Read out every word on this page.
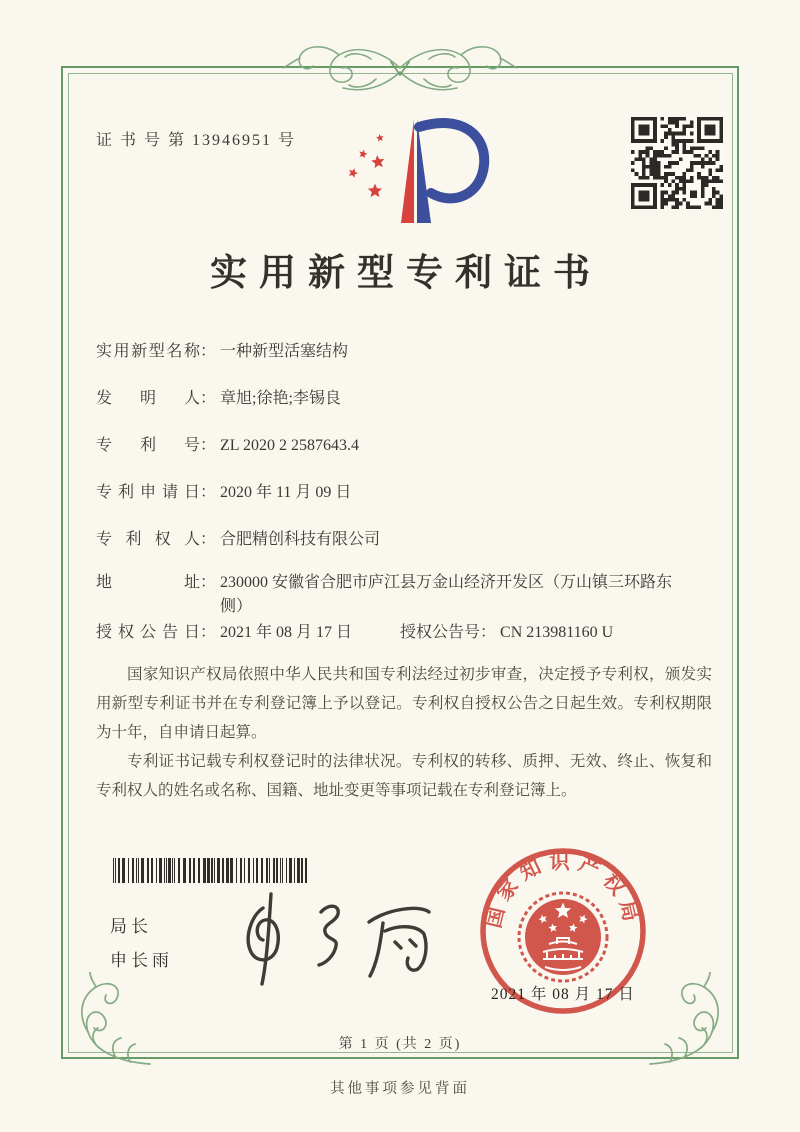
证 书 号 第 13946951 号
实用新型专利证书
实用新型名称： 一种新型活塞结构
发明人： 章旭;徐艳;李锡良
专利号： ZL 2020 2 2587643.4
专利申请日： 2020 年 11 月 09 日
专利权人： 合肥精创科技有限公司
地址： 230000 安徽省合肥市庐江县万金山经济开发区（万山镇三环路东侧）
授权公告日： 2021 年 08 月 17 日	授权公告号： CN 213981160 U

国家知识产权局依照中华人民共和国专利法经过初步审查，决定授予专利权，颁发实用新型专利证书并在专利登记簿上予以登记。专利权自授权公告之日起生效。专利权期限为十年，自申请日起算。

专利证书记载专利权登记时的法律状况。专利权的转移、质押、无效、终止、恢复和专利权人的姓名或名称、国籍、地址变更等事项记载在专利登记簿上。

局长
申长雨
国家知识产权局
2021 年 08 月 17 日
第 1 页 (共 2 页)
其他事项参见背面
